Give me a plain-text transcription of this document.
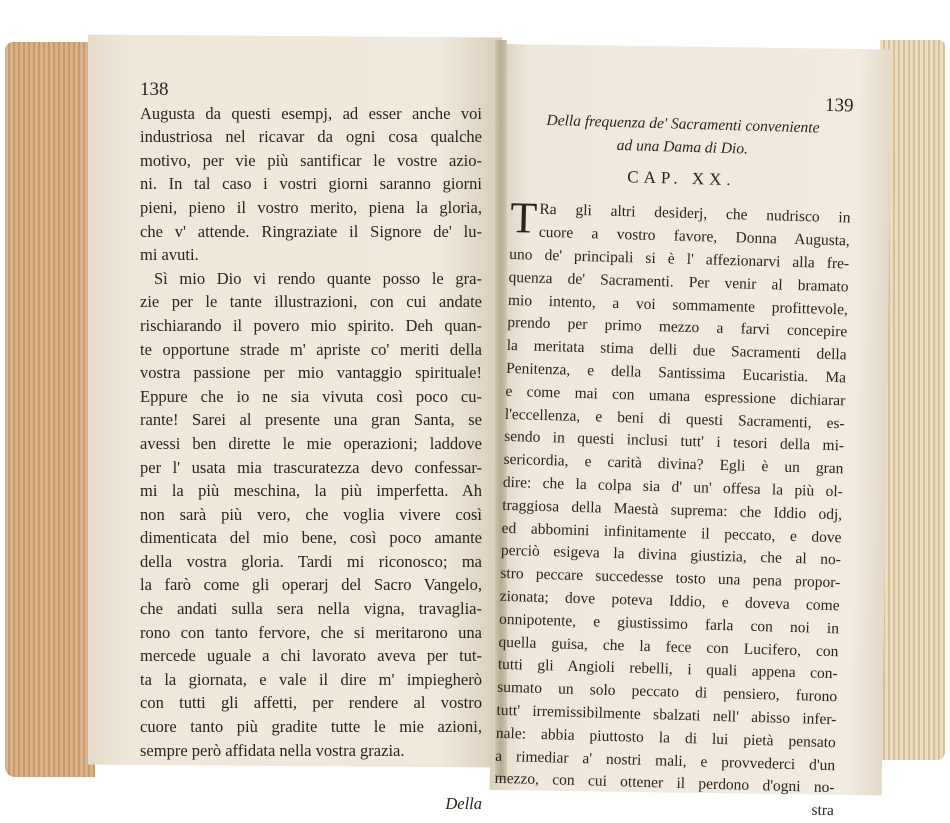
138
Augusta da questi esempj, ad esser anche voi
industriosa nel ricavar da ogni cosa qualche
motivo, per vie più santificar le vostre azio-
ni. In tal caso i vostri giorni saranno giorni
pieni, pieno il vostro merito, piena la gloria,
che v' attende. Ringraziate il Signore de' lu-
mi avuti.
Sì mio Dio vi rendo quante posso le gra-
zie per le tante illustrazioni, con cui andate
rischiarando il povero mio spirito. Deh quan-
te opportune strade m' apriste co' meriti della
vostra passione per mio vantaggio spirituale!
Eppure che io ne sia vivuta così poco cu-
rante! Sarei al presente una gran Santa, se
avessi ben dirette le mie operazioni; laddove
per l' usata mia trascuratezza devo confessar-
mi la più meschina, la più imperfetta. Ah
non sarà più vero, che voglia vivere così
dimenticata del mio bene, così poco amante
della vostra gloria. Tardi mi riconosco; ma
la farò come gli operarj del Sacro Vangelo,
che andati sulla sera nella vigna, travaglia-
rono con tanto fervore, che si meritarono una
mercede uguale a chi lavorato aveva per tut-
ta la giornata, e vale il dire m' impiegherò
con tutti gli affetti, per rendere al vostro
cuore tanto più gradite tutte le mie azioni,
sempre però affidata nella vostra grazia.
Della
139
Della frequenza de' Sacramenti conveniente
ad una Dama di Dio.
CAP. XX.
T Ra gli altri desiderj, che nudrisco in
cuore a vostro favore, Donna Augusta,
uno de' principali si è l' affezionarvi alla fre-
quenza de' Sacramenti. Per venir al bramato
mio intento, a voi sommamente profittevole,
prendo per primo mezzo a farvi concepire
la meritata stima delli due Sacramenti della
Penitenza, e della Santissima Eucaristia. Ma
e come mai con umana espressione dichiarar
l'eccellenza, e beni di questi Sacramenti, es-
sendo in questi inclusi tutt' i tesori della mi-
sericordia, e carità divina? Egli è un gran
dire: che la colpa sia d' un' offesa la più ol-
traggiosa della Maestà suprema: che Iddio odj,
ed abbomini infinitamente il peccato, e dove
perciò esigeva la divina giustizia, che al no-
stro peccare succedesse tosto una pena propor-
zionata; dove poteva Iddio, e doveva come
onnipotente, e giustissimo farla con noi in
quella guisa, che la fece con Lucifero, con
tutti gli Angioli rebelli, i quali appena con-
sumato un solo peccato di pensiero, furono
tutt' irremissibilmente sbalzati nell' abisso infer-
nale: abbia piuttosto la di lui pietà pensato
a rimediar a' nostri mali, e provvederci d'un
mezzo, con cui ottener il perdono d'ogni no-
stra
